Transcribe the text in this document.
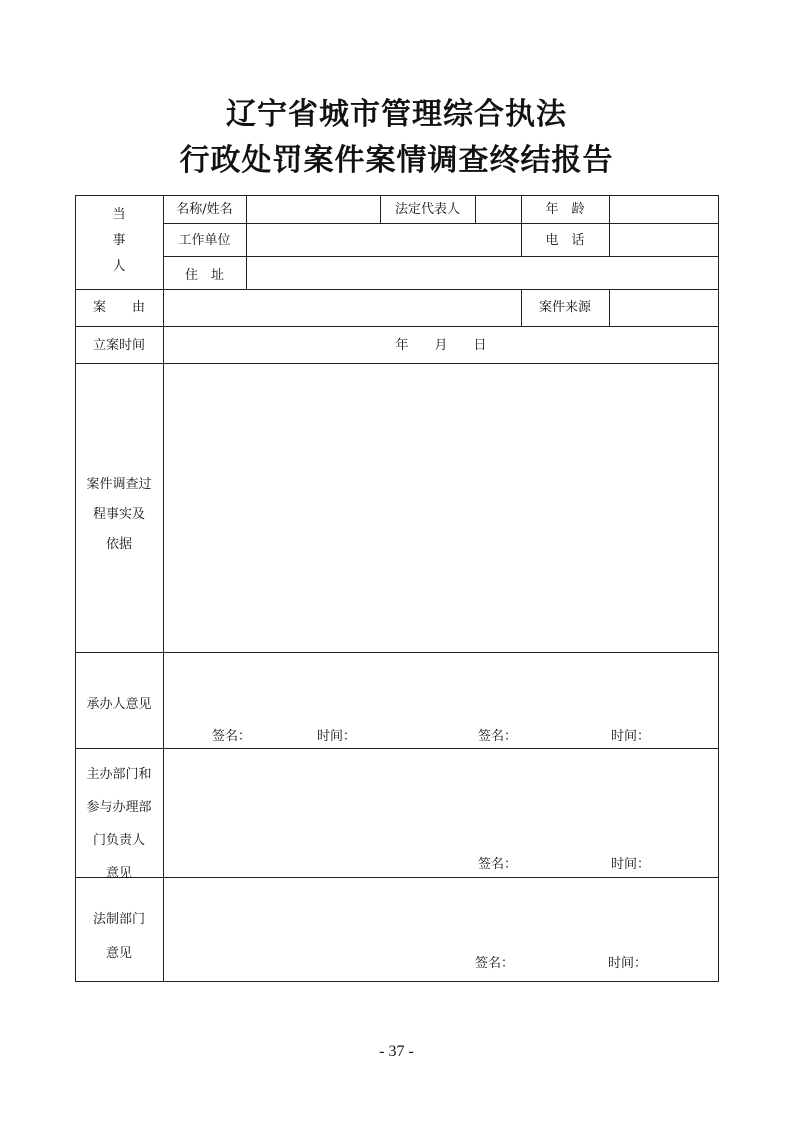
辽宁省城市管理综合执法
行政处罚案件案情调查终结报告
当
事
人
名称/姓名	法定代表人	年　龄
工作单位	电　话
住　址
案　　由	案件来源
立案时间	年　　月　　日
案件调查过
程事实及
依据
承办人意见
签名：	时间：	签名：	时间：
主办部门和
参与办理部
门负责人
意见
签名：	时间：
法制部门
意见
签名：	时间：
- 37 -
